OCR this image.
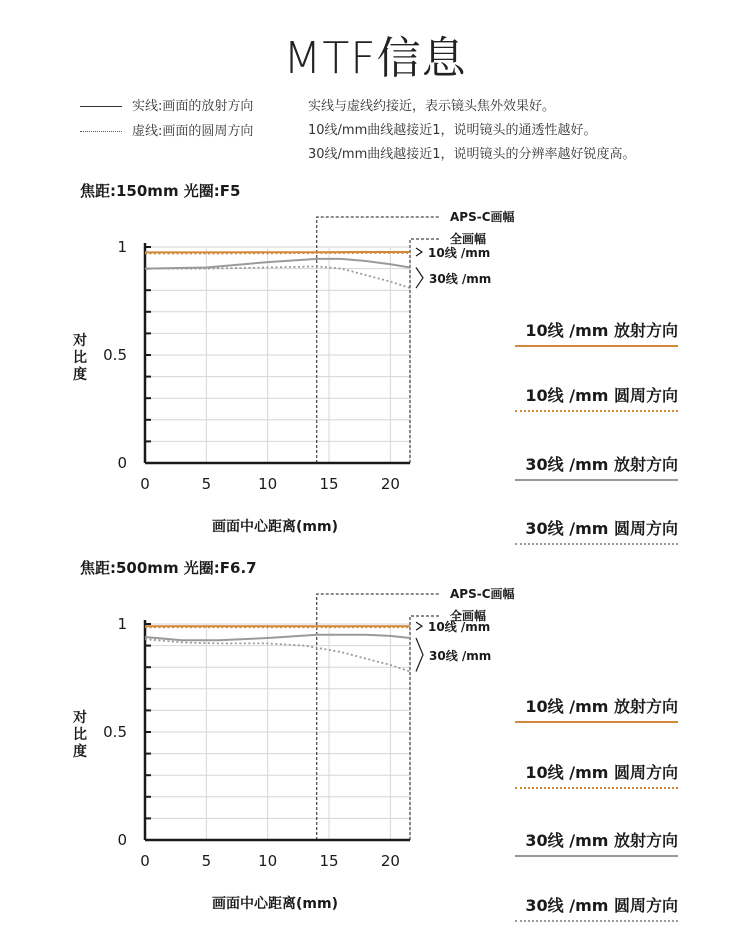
MTF信息
实线:画面的放射方向
虚线:画面的圆周方向
实线与虚线约接近，表示镜头焦外效果好。
10线/mm曲线越接近1，说明镜头的通透性越好。
30线/mm曲线越接近1，说明镜头的分辨率越好锐度高。
焦距:150mm 光圈:F5
0
0.5
1
0	5	10	15	20
对比度
画面中心距离(mm)
APS-C画幅
全画幅
10线 /mm
30线 /mm
焦距:500mm 光圈:F6.7
0
0.5
1
0	5	10	15	20
对比度
画面中心距离(mm)
APS-C画幅
全画幅
10线 /mm
30线 /mm
10线 /mm 放射方向
10线 /mm 圆周方向
30线 /mm 放射方向
30线 /mm 圆周方向
10线 /mm 放射方向
10线 /mm 圆周方向
30线 /mm 放射方向
30线 /mm 圆周方向
